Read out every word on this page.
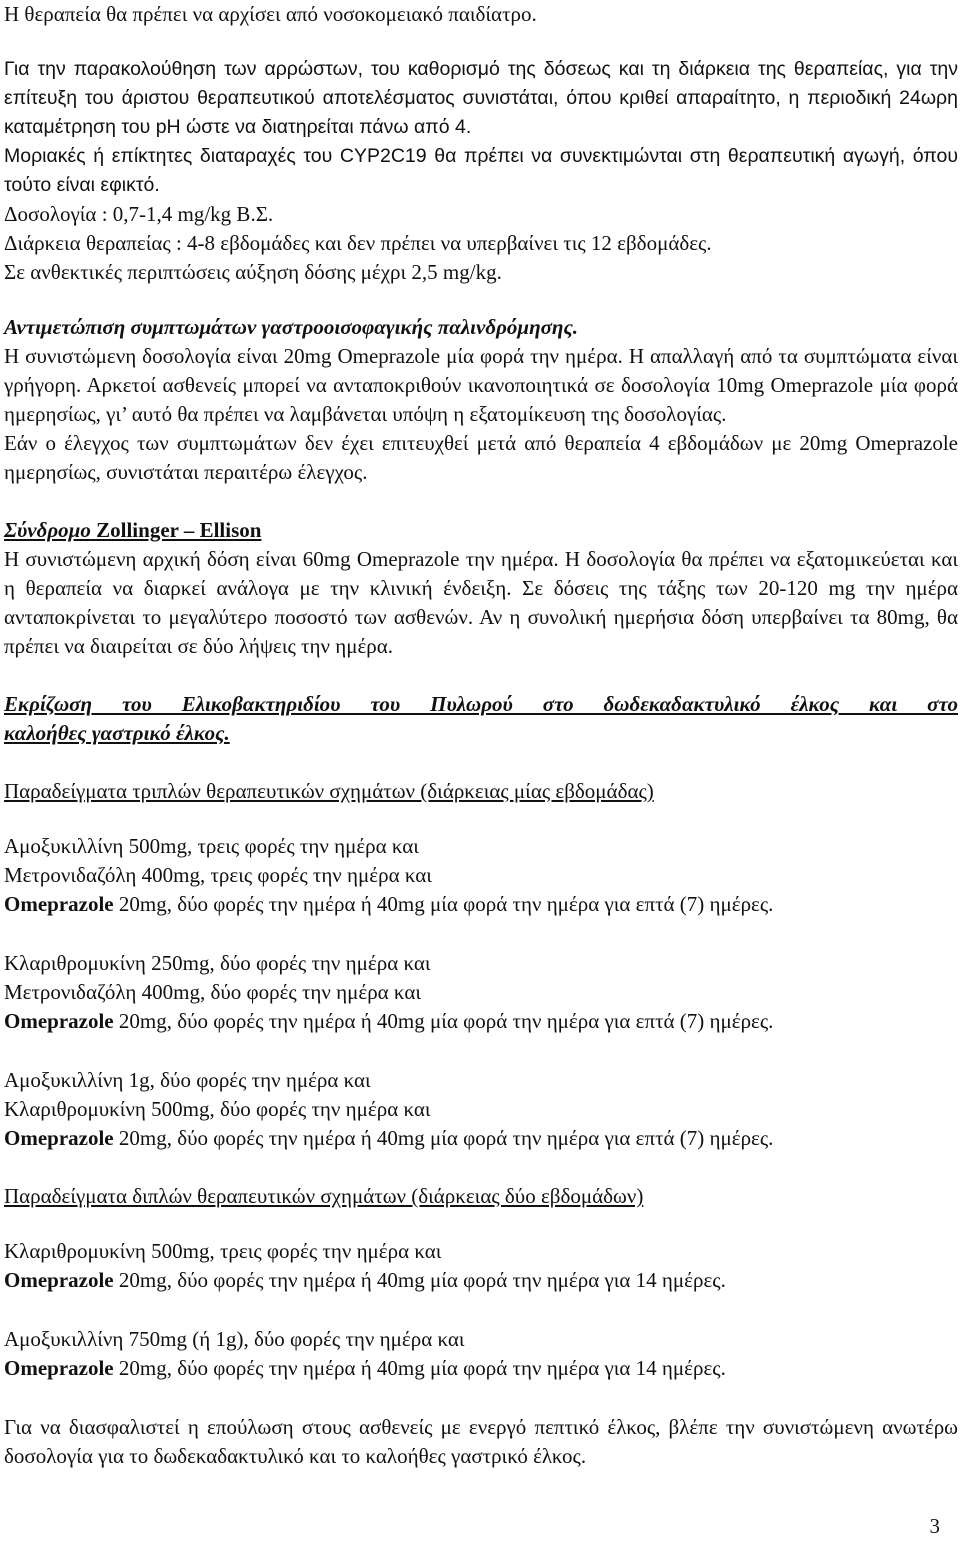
Η θεραπεία θα πρέπει να αρχίσει από νοσοκομειακό παιδίατρο.

Για την παρακολούθηση των αρρώστων, του καθορισμό της δόσεως και τη διάρκεια της θεραπείας, για την επίτευξη του άριστου θεραπευτικού αποτελέσματος συνιστάται, όπου κριθεί απαραίτητο, η περιοδική 24ωρη καταμέτρηση του pH ώστε να διατηρείται πάνω από 4.

Μοριακές ή επίκτητες διαταραχές του CYP2C19 θα πρέπει να συνεκτιμώνται στη θεραπευτική αγωγή, όπου τούτο είναι εφικτό.

Δοσολογία : 0,7-1,4 mg/kg Β.Σ.

Διάρκεια θεραπείας : 4-8 εβδομάδες και δεν πρέπει να υπερβαίνει τις 12 εβδομάδες.

Σε ανθεκτικές περιπτώσεις αύξηση δόσης μέχρι 2,5 mg/kg.

Αντιμετώπιση συμπτωμάτων γαστροοισοφαγικής παλινδρόμησης.

Η συνιστώμενη δοσολογία είναι 20mg Omeprazole μία φορά την ημέρα. Η απαλλαγή από τα συμπτώματα είναι γρήγορη. Αρκετοί ασθενείς μπορεί να ανταποκριθούν ικανοποιητικά σε δοσολογία 10mg Omeprazole μία φορά ημερησίως, γι’ αυτό θα πρέπει να λαμβάνεται υπόψη η εξατομίκευση της δοσολογίας.

Εάν ο έλεγχος των συμπτωμάτων δεν έχει επιτευχθεί μετά από θεραπεία 4 εβδομάδων με 20mg Omeprazole ημερησίως, συνιστάται περαιτέρω έλεγχος.

Σύνδρομο Zollinger – Ellison

Η συνιστώμενη αρχική δόση είναι 60mg Omeprazole την ημέρα. Η δοσολογία θα πρέπει να εξατομικεύεται και η θεραπεία να διαρκεί ανάλογα με την κλινική ένδειξη. Σε δόσεις της τάξης των 20-120 mg την ημέρα ανταποκρίνεται το μεγαλύτερο ποσοστό των ασθενών. Αν η συνολική ημερήσια δόση υπερβαίνει τα 80mg, θα πρέπει να διαιρείται σε δύο λήψεις την ημέρα.

Εκρίζωση του Ελικοβακτηριδίου του Πυλωρού στο δωδεκαδακτυλικό έλκος και στο

καλοήθες γαστρικό έλκος.

Παραδείγματα τριπλών θεραπευτικών σχημάτων (διάρκειας μίας εβδομάδας)

Αμοξυκιλλίνη 500mg, τρεις φορές την ημέρα και

Μετρονιδαζόλη 400mg, τρεις φορές την ημέρα και

Omeprazole 20mg, δύο φορές την ημέρα ή 40mg μία φορά την ημέρα για επτά (7) ημέρες.

Κλαριθρομυκίνη 250mg, δύο φορές την ημέρα και

Μετρονιδαζόλη 400mg, δύο φορές την ημέρα και

Omeprazole 20mg, δύο φορές την ημέρα ή 40mg μία φορά την ημέρα για επτά (7) ημέρες.

Αμοξυκιλλίνη 1g, δύο φορές την ημέρα και

Κλαριθρομυκίνη 500mg, δύο φορές την ημέρα και

Omeprazole 20mg, δύο φορές την ημέρα ή 40mg μία φορά την ημέρα για επτά (7) ημέρες.

Παραδείγματα διπλών θεραπευτικών σχημάτων (διάρκειας δύο εβδομάδων)

Κλαριθρομυκίνη 500mg, τρεις φορές την ημέρα και

Omeprazole 20mg, δύο φορές την ημέρα ή 40mg μία φορά την ημέρα για 14 ημέρες.

Αμοξυκιλλίνη 750mg (ή 1g), δύο φορές την ημέρα και

Omeprazole 20mg, δύο φορές την ημέρα ή 40mg μία φορά την ημέρα για 14 ημέρες.

Για να διασφαλιστεί η επούλωση στους ασθενείς με ενεργό πεπτικό έλκος, βλέπε την συνιστώμενη ανωτέρω δοσολογία για το δωδεκαδακτυλικό και το καλοήθες γαστρικό έλκος.

3
